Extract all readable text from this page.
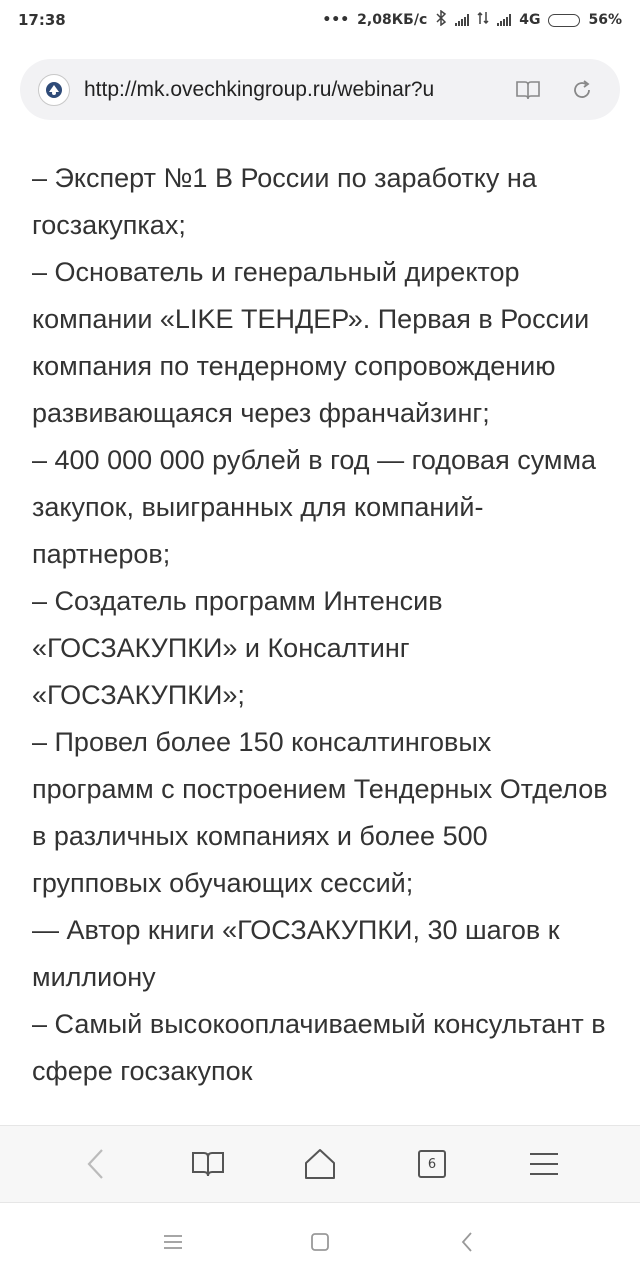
17:38	••• 2,08КБ/с	4G	56%
http://mk.ovechkingroup.ru/webinar?u

– Эксперт №1 В России по заработку на госзакупках;

– Основатель и генеральный директор компании «LIKE ТЕНДЕР». Первая в России компания по тендерному сопровождению развивающаяся через франчайзинг;

– 400 000 000 рублей в год — годовая сумма закупок, выигранных для компаний-партнеров;

– Создатель программ Интенсив «ГОСЗАКУПКИ» и Консалтинг «ГОСЗАКУПКИ»;

– Провел более 150 консалтинговых программ с построением Тендерных Отделов в различных компаниях и более 500 групповых обучающих сессий;

— Автор книги «ГОСЗАКУПКИ, 30 шагов к миллиону

– Самый высокооплачиваемый консультант в сфере госзакупок

6
